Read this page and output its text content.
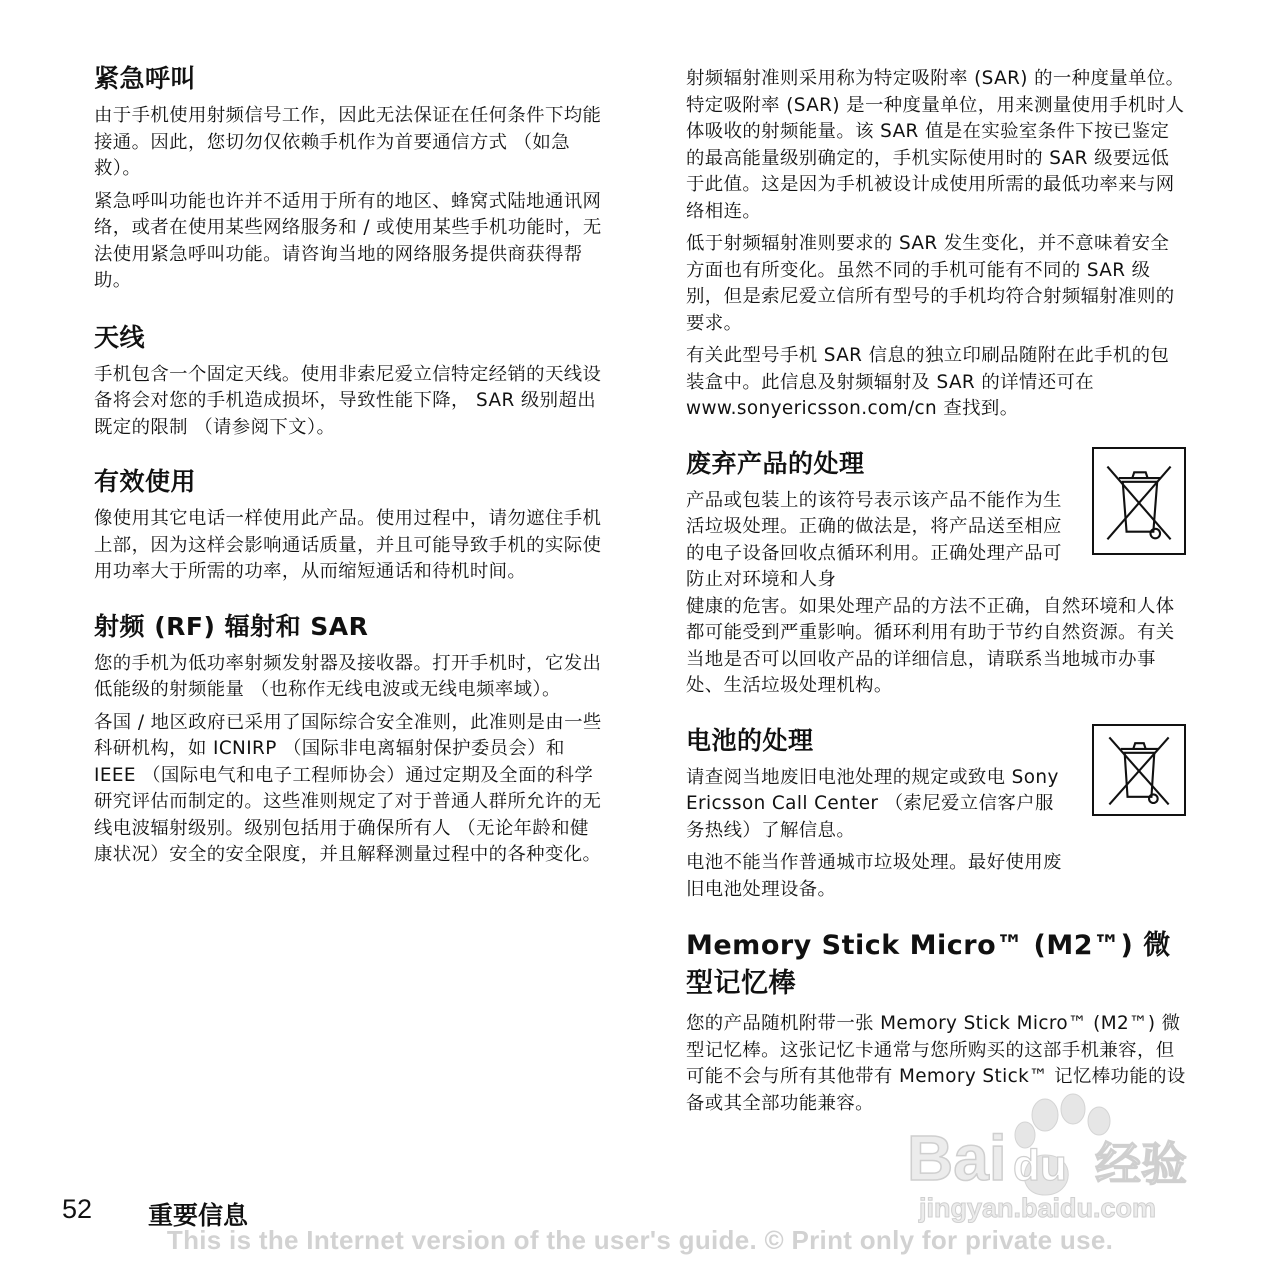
紧急呼叫

由于手机使用射频信号工作，因此无法保证在任何条件下均能接通。因此，您切勿仅依赖手机作为首要通信方式 （如急救）。

紧急呼叫功能也许并不适用于所有的地区、蜂窝式陆地通讯网络，或者在使用某些网络服务和 / 或使用某些手机功能时，无法使用紧急呼叫功能。请咨询当地的网络服务提供商获得帮助。

天线

手机包含一个固定天线。使用非索尼爱立信特定经销的天线设备将会对您的手机造成损坏，导致性能下降， SAR 级别超出既定的限制 （请参阅下文）。

有效使用

像使用其它电话一样使用此产品。使用过程中，请勿遮住手机上部，因为这样会影响通话质量，并且可能导致手机的实际使用功率大于所需的功率，从而缩短通话和待机时间。

射频 (RF) 辐射和 SAR

您的手机为低功率射频发射器及接收器。打开手机时，它发出低能级的射频能量 （也称作无线电波或无线电频率域）。

各国 / 地区政府已采用了国际综合安全准则，此准则是由一些科研机构，如 ICNIRP （国际非电离辐射保护委员会）和 IEEE （国际电气和电子工程师协会）通过定期及全面的科学研究评估而制定的。这些准则规定了对于普通人群所允许的无线电波辐射级别。级别包括用于确保所有人 （无论年龄和健康状况）安全的安全限度，并且解释测量过程中的各种变化。

射频辐射准则采用称为特定吸附率 (SAR) 的一种度量单位。特定吸附率 (SAR) 是一种度量单位，用来测量使用手机时人体吸收的射频能量。该 SAR 值是在实验室条件下按已鉴定的最高能量级别确定的，手机实际使用时的 SAR 级要远低于此值。这是因为手机被设计成使用所需的最低功率来与网络相连。

低于射频辐射准则要求的 SAR 发生变化，并不意味着安全方面也有所变化。虽然不同的手机可能有不同的 SAR 级别，但是索尼爱立信所有型号的手机均符合射频辐射准则的要求。

有关此型号手机 SAR 信息的独立印刷品随附在此手机的包装盒中。此信息及射频辐射及 SAR 的详情还可在 www.sonyericsson.com/cn 查找到。

废弃产品的处理

产品或包装上的该符号表示该产品不能作为生活垃圾处理。正确的做法是，将产品送至相应的电子设备回收点循环利用。正确处理产品可防止对环境和人身

健康的危害。如果处理产品的方法不正确，自然环境和人体都可能受到严重影响。循环利用有助于节约自然资源。有关当地是否可以回收产品的详细信息，请联系当地城市办事处、生活垃圾处理机构。

电池的处理

请查阅当地废旧电池处理的规定或致电 Sony Ericsson Call Center （索尼爱立信客户服务热线）了解信息。

电池不能当作普通城市垃圾处理。最好使用废旧电池处理设备。

Memory Stick Micro™ (M2™) 微型记忆棒

您的产品随机附带一张 Memory Stick Micro™ (M2™) 微型记忆棒。这张记忆卡通常与您所购买的这部手机兼容，但可能不会与所有其他带有 Memory Stick™ 记忆棒功能的设备或其全部功能兼容。

52 重要信息
This is the Internet version of the user's guide. © Print only for private use.
Bai du 经验
jingyan.baidu.com
